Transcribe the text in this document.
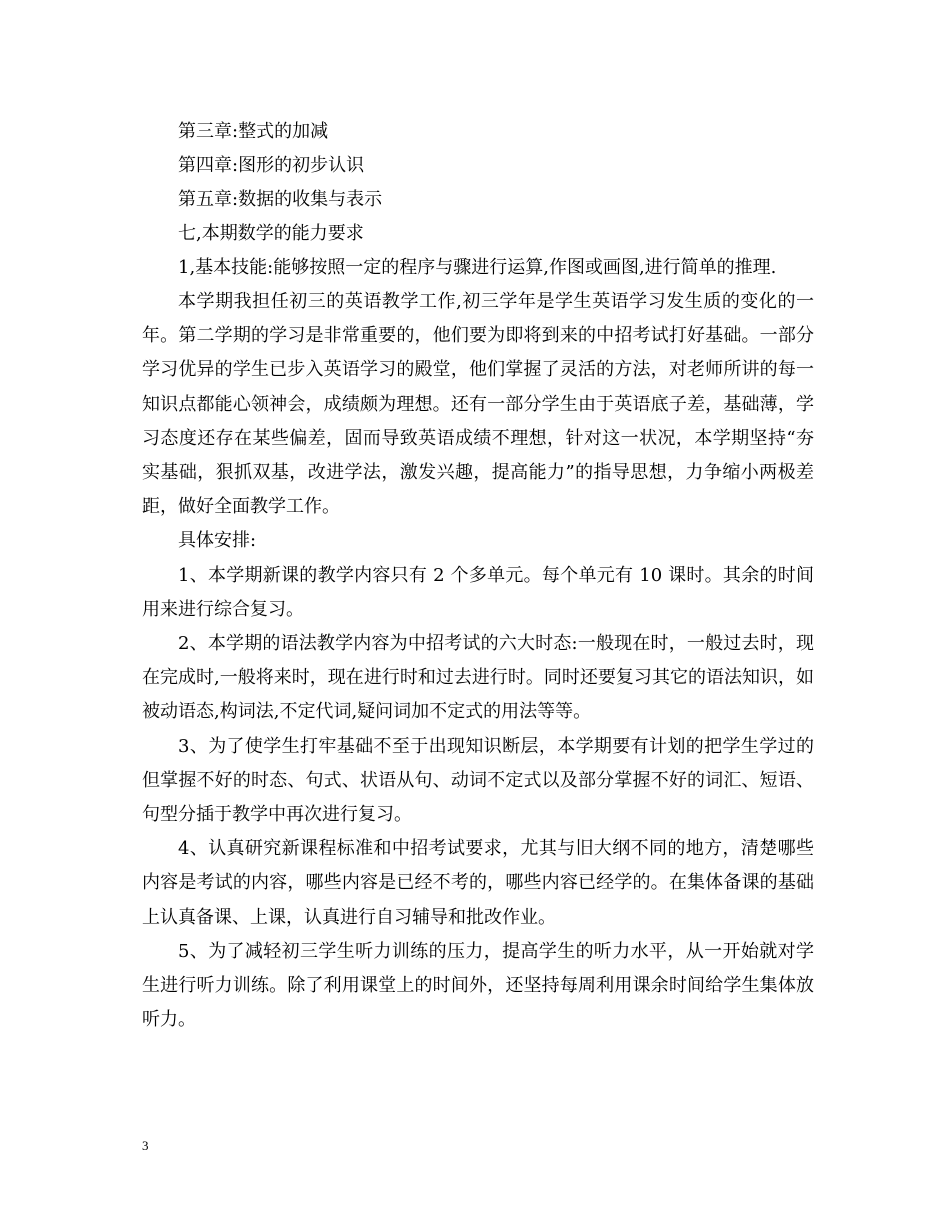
第三章:整式的加减
第四章:图形的初步认识
第五章:数据的收集与表示
七,本期数学的能力要求
1,基本技能:能够按照一定的程序与骤进行运算,作图或画图,进行简单的推理.

本学期我担任初三的英语教学工作,初三学年是学生英语学习发生质的变化的一年。第二学期的学习是非常重要的，他们要为即将到来的中招考试打好基础。一部分学习优异的学生已步入英语学习的殿堂，他们掌握了灵活的方法，对老师所讲的每一知识点都能心领神会，成绩颇为理想。还有一部分学生由于英语底子差，基础薄，学习态度还存在某些偏差，固而导致英语成绩不理想，针对这一状况，本学期坚持“夯实基础，狠抓双基，改进学法，激发兴趣，提高能力”的指导思想，力争缩小两极差距，做好全面教学工作。

具体安排:

1、本学期新课的教学内容只有 2 个多单元。每个单元有 10 课时。其余的时间用来进行综合复习。

2、本学期的语法教学内容为中招考试的六大时态:一般现在时，一般过去时，现在完成时,一般将来时，现在进行时和过去进行时。同时还要复习其它的语法知识，如被动语态,构词法,不定代词,疑问词加不定式的用法等等。

3、为了使学生打牢基础不至于出现知识断层，本学期要有计划的把学生学过的但掌握不好的时态、句式、状语从句、动词不定式以及部分掌握不好的词汇、短语、句型分插于教学中再次进行复习。

4、认真研究新课程标准和中招考试要求，尤其与旧大纲不同的地方，清楚哪些内容是考试的内容，哪些内容是已经不考的，哪些内容已经学的。在集体备课的基础上认真备课、上课，认真进行自习辅导和批改作业。

5、为了减轻初三学生听力训练的压力，提高学生的听力水平，从一开始就对学生进行听力训练。除了利用课堂上的时间外，还坚持每周利用课余时间给学生集体放听力。

3
